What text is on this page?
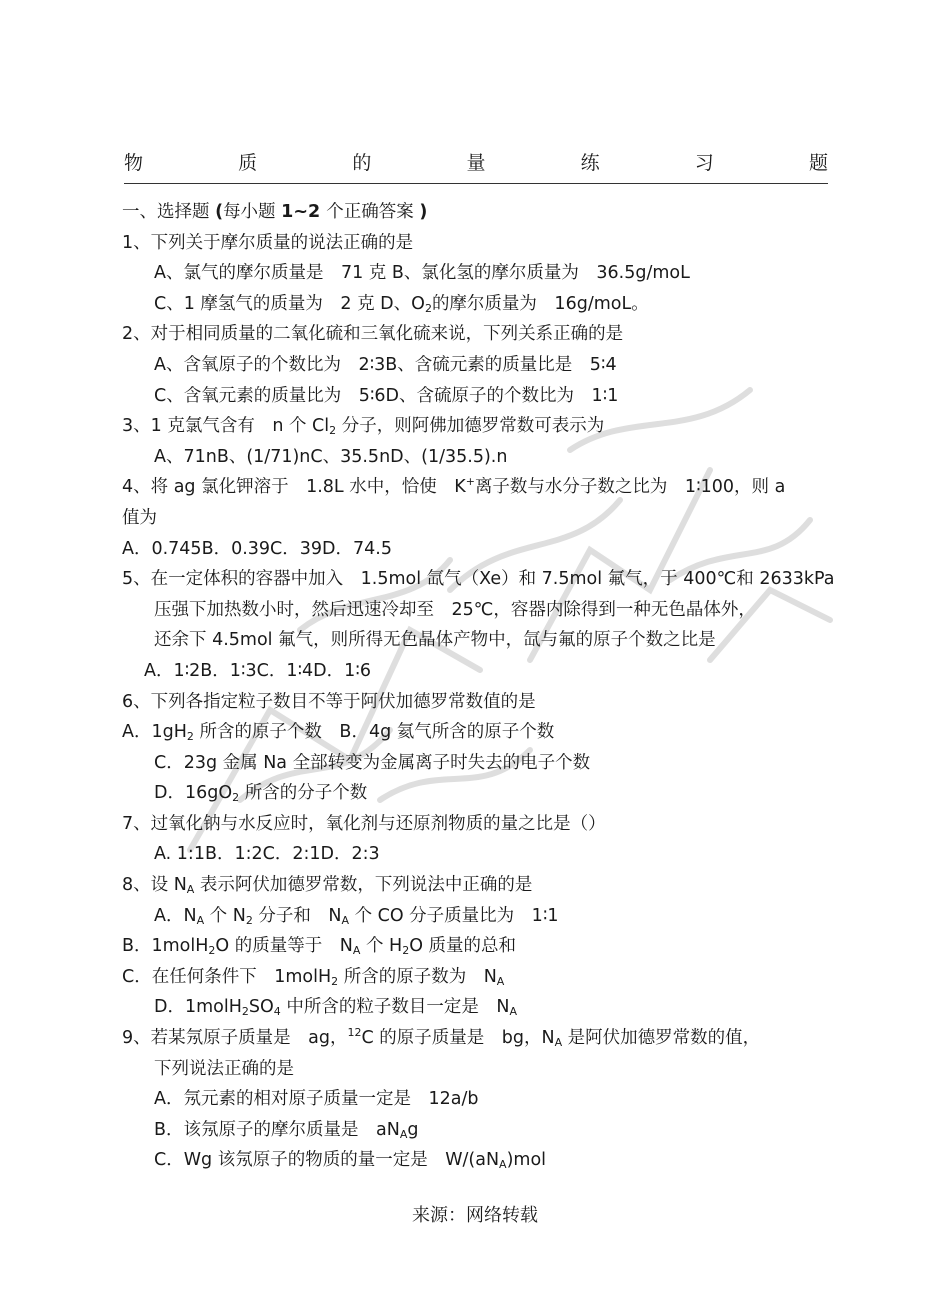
物	质	的	量	练	习	题
一、选择题 (每小题 1~2 个正确答案 )
1、下列关于摩尔质量的说法正确的是
A、氯气的摩尔质量是　71 克 B、氯化氢的摩尔质量为　36.5g/moL
C、1 摩氢气的质量为　2 克 D、$O_2$的摩尔质量为　16g/moL。
2、对于相同质量的二氧化硫和三氧化硫来说，下列关系正确的是
A、含氧原子的个数比为　2∶3B、含硫元素的质量比是　5∶4
C、含氧元素的质量比为　5∶6D、含硫原子的个数比为　1∶1
3、1 克氯气含有　n 个 $Cl_2$ 分子，则阿佛加德罗常数可表示为
A、71nB、(1/71)nC、35.5nD、(1/35.5).n
4、将 ag 氯化钾溶于　1.8L 水中，恰使　K+离子数与水分子数之比为　1∶100，则 a
值为
A．0.745B．0.39C．39D．74.5
5、在一定体积的容器中加入　1.5mol 氙气（Xe）和 7.5mol 氟气，于 400℃和 2633kPa
压强下加热数小时，然后迅速冷却至　25℃，容器内除得到一种无色晶体外，
还余下 4.5mol 氟气，则所得无色晶体产物中，氙与氟的原子个数之比是
A．1∶2B．1∶3C．1∶4D．1∶6
6、下列各指定粒子数目不等于阿伏加德罗常数值的是
A．$1gH_2$ 所含的原子个数　B．4g 氦气所含的原子个数
C．23g 金属 Na 全部转变为金属离子时失去的电子个数
D．$16gO_2$ 所含的分子个数
7、过氧化钠与水反应时，氧化剂与还原剂物质的量之比是（）
A. 1:1B．1:2C．2:1D．2:3
8、设 $N_A$ 表示阿伏加德罗常数，下列说法中正确的是
A．$N_A$ 个 $N_2$ 分子和　$N_A$ 个 CO 分子质量比为　1∶1
B．1molH$_2$O 的质量等于　$N_A$ 个 $H_2O$ 质量的总和
C．在任何条件下　1molH$_2$ 所含的原子数为　$N_A$
D．$1molH_2SO_4$ 中所含的粒子数目一定是　$N_A$
9、若某氖原子质量是　ag，$^{12}$C 的原子质量是　bg，$N_A$ 是阿伏加德罗常数的值，
下列说法正确的是
A．氖元素的相对原子质量一定是　12a/b
B．该氖原子的摩尔质量是　$aN_Ag$
C．Wg 该氖原子的物质的量一定是　$W/(aN_A)mol$
来源：网络转载
